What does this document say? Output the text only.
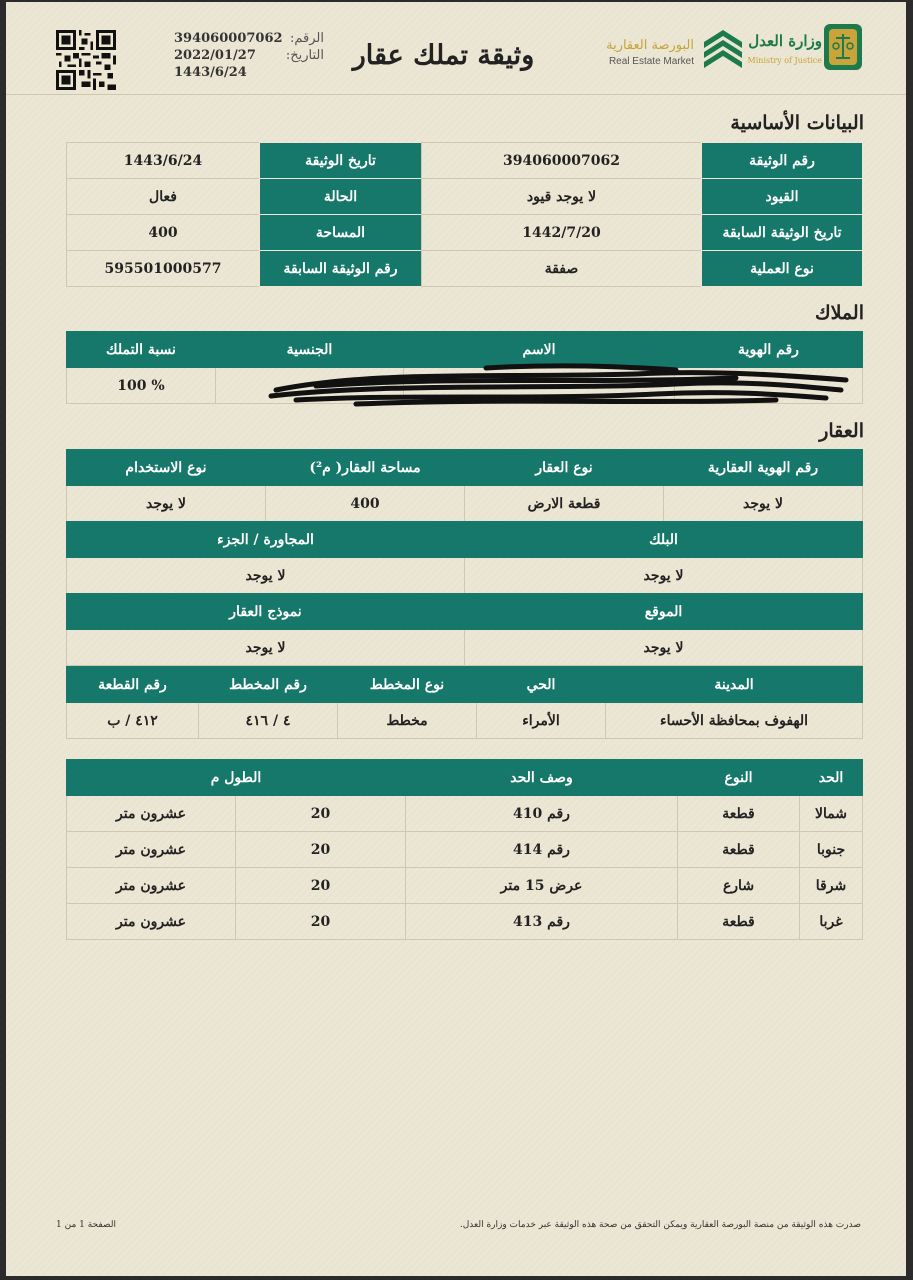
وزارة العدل
Ministry of Justice
البورصة العقارية
Real Estate Market
وثيقة تملك عقار
394060007062 الرقم:
2022/01/27 التاريخ:
1443/6/24
البيانات الأساسية
رقم الوثيقة	394060007062	تاريخ الوثيقة	1443/6/24
القيود	لا يوجد قيود	الحالة	فعال
تاريخ الوثيقة السابقة	1442/7/20	المساحة	400
نوع العملية	صفقة	رقم الوثيقة السابقة	595501000577
الملاك
رقم الهوية	الاسم	الجنسية	نسبة التملك
			% 100
العقار
رقم الهوية العقارية	نوع العقار	مساحة العقار( م²)	نوع الاستخدام
لا يوجد	قطعة الارض	400	لا يوجد
البلك	المجاورة / الجزء
لا يوجد	لا يوجد
الموقع	نموذج العقار
لا يوجد	لا يوجد
المدينة	الحي	نوع المخطط	رقم المخطط	رقم القطعة
الهفوف بمحافظة الأحساء	الأمراء	مخطط	٤ / ٤١٦	٤١٢ / ب
الحد	النوع	وصف الحد	الطول م	
شمالا	قطعة	رقم 410	20	عشرون متر
جنوبا	قطعة	رقم 414	20	عشرون متر
شرقا	شارع	عرض 15 متر	20	عشرون متر
غربا	قطعة	رقم 413	20	عشرون متر
صدرت هذه الوثيقة من منصة البورصة العقارية ويمكن التحقق من صحة هذه الوثيقة عبر خدمات وزارة العدل.
الصفحة 1 من 1
